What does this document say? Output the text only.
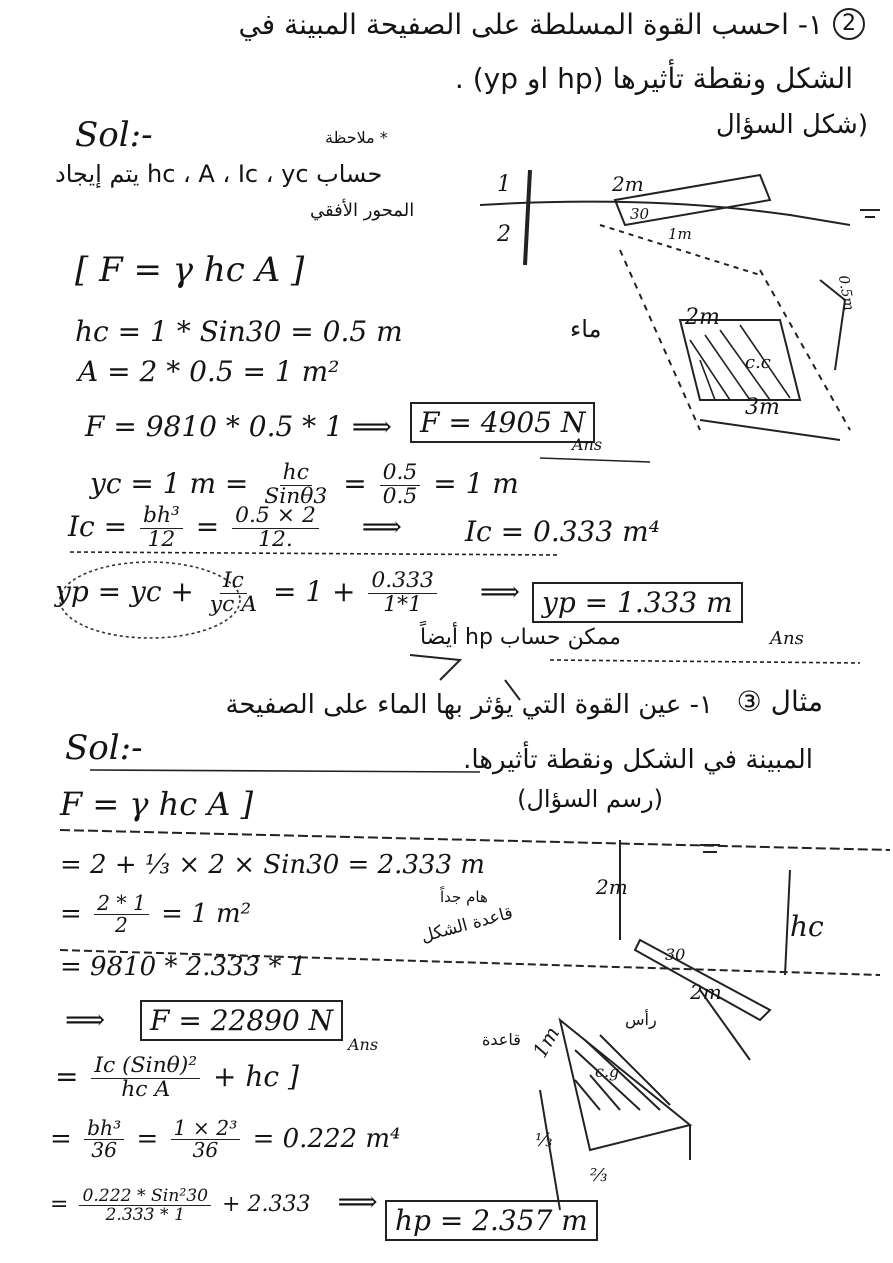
١- احسب القوة المسلطة على الصفيحة المبينة في 2
الشكل ونقطة تأثيرها (hp او yp) .
(شكل السؤال
Sol:-	* ملاحظة
حساب hc ، A ، Ic ، yc يتم إيجاد
المحور الأفقي
[ F = γ hc A ]
hc = 1 * Sin30 = 0.5 m	ماء
A = 2 * 0.5 = 1 m²
F = 9810 * 0.5 * 1 ⟹	F = 4905 N
Ans
yc = 1 $m = \frac{hc}{\text{Sinθ3}} = \frac{0.5}{0.5} = 1$ m
$Ic = \frac{\text{bh³}}{12} = \frac{0.5 \times 2}{12.}$ ⟹ Ic = 0.333 m⁴
yp = yc + $\frac{Ic}{\text{yc A}} = 1 + \frac{0.333}{1*1}$ ⟹ yp = 1.333 m
Ans
ممكن حساب hp أيضاً
2m
30
1m
0.5m
2m
c.c
3m
1
2
مثال ③
١- عين القوة التي يؤثر بها الماء على الصفيحة
المبينة في الشكل ونقطة تأثيرها.
(رسم السؤال)
Sol:-
F = γ hc A ]
= 2 + ⅓ × 2 × Sin30 = 2.333 m
= $\frac{2 * 1}{2} = 1$ m²
= 9810 * 2.333 * 1
⟹	F = 22890 N
Ans
= $\frac{\text{Ic (Sinθ)²}}{\text{hc A}}$ + hc ]
= $\frac{\text{bh³}}{36} = \frac{\text{1 × 2³}}{36} = 0.222$ m⁴
= $\frac{\text{0.222 * Sin²30}}{2.333 * 1} + 2.333$ ⟹
hp = 2.357 m
2m
hc
30
2m
1m
c.g
⅓
⅔
قاعدة
رأس
قاعدة الشكل
هام جداً
